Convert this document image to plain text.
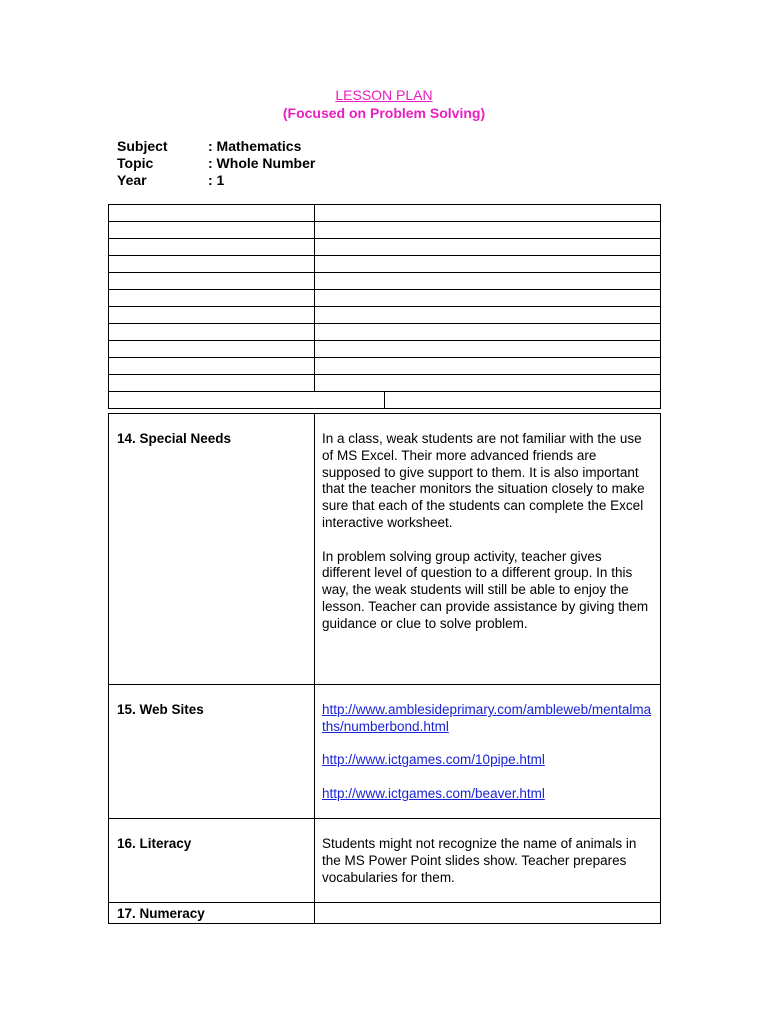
LESSON PLAN
(Focused on Problem Solving)
Subject	: Mathematics
Topic	: Whole Number
Year	: 1

14. Special Needs	In a class, weak students are not familiar with the use of MS Excel. Their more advanced friends are supposed to give support to them. It is also important that the teacher monitors the situation closely to make sure that each of the students can complete the Excel interactive worksheet.

In problem solving group activity, teacher gives different level of question to a different group. In this way, the weak students will still be able to enjoy the lesson. Teacher can provide assistance by giving them guidance or clue to solve problem.

15. Web Sites	http://www.amblesideprimary.com/ambleweb/mentalmaths/numberbond.html

http://www.ictgames.com/10pipe.html

http://www.ictgames.com/beaver.html

16. Literacy	Students might not recognize the name of animals in the MS Power Point slides show. Teacher prepares vocabularies for them.
17. Numeracy	
